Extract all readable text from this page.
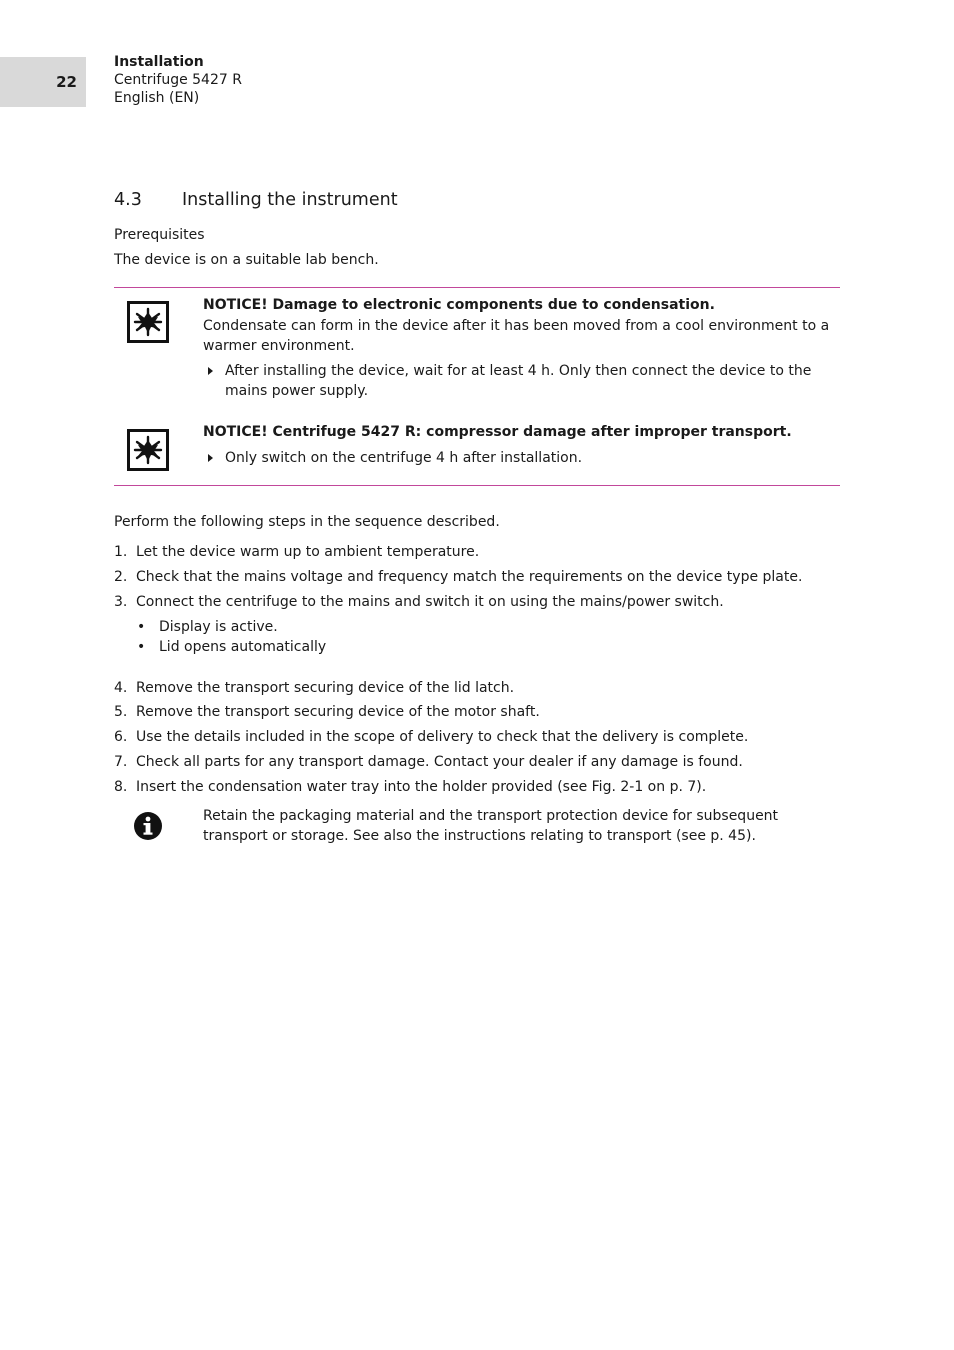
22
Installation
Centrifuge 5427 R
English (EN)
4.3 Installing the instrument
Prerequisites
The device is on a suitable lab bench.
NOTICE! Damage to electronic components due to condensation.
Condensate can form in the device after it has been moved from a cool environment to a warmer environment.
After installing the device, wait for at least 4 h. Only then connect the device to the mains power supply.
NOTICE! Centrifuge 5427 R: compressor damage after improper transport.
Only switch on the centrifuge 4 h after installation.
Perform the following steps in the sequence described.
1. Let the device warm up to ambient temperature.
2. Check that the mains voltage and frequency match the requirements on the device type plate.
3. Connect the centrifuge to the mains and switch it on using the mains/power switch.
• Display is active.
• Lid opens automatically
4. Remove the transport securing device of the lid latch.
5. Remove the transport securing device of the motor shaft.
6. Use the details included in the scope of delivery to check that the delivery is complete.
7. Check all parts for any transport damage. Contact your dealer if any damage is found.
8. Insert the condensation water tray into the holder provided (see Fig. 2-1 on p. 7).
Retain the packaging material and the transport protection device for subsequent transport or storage. See also the instructions relating to transport (see p. 45).
